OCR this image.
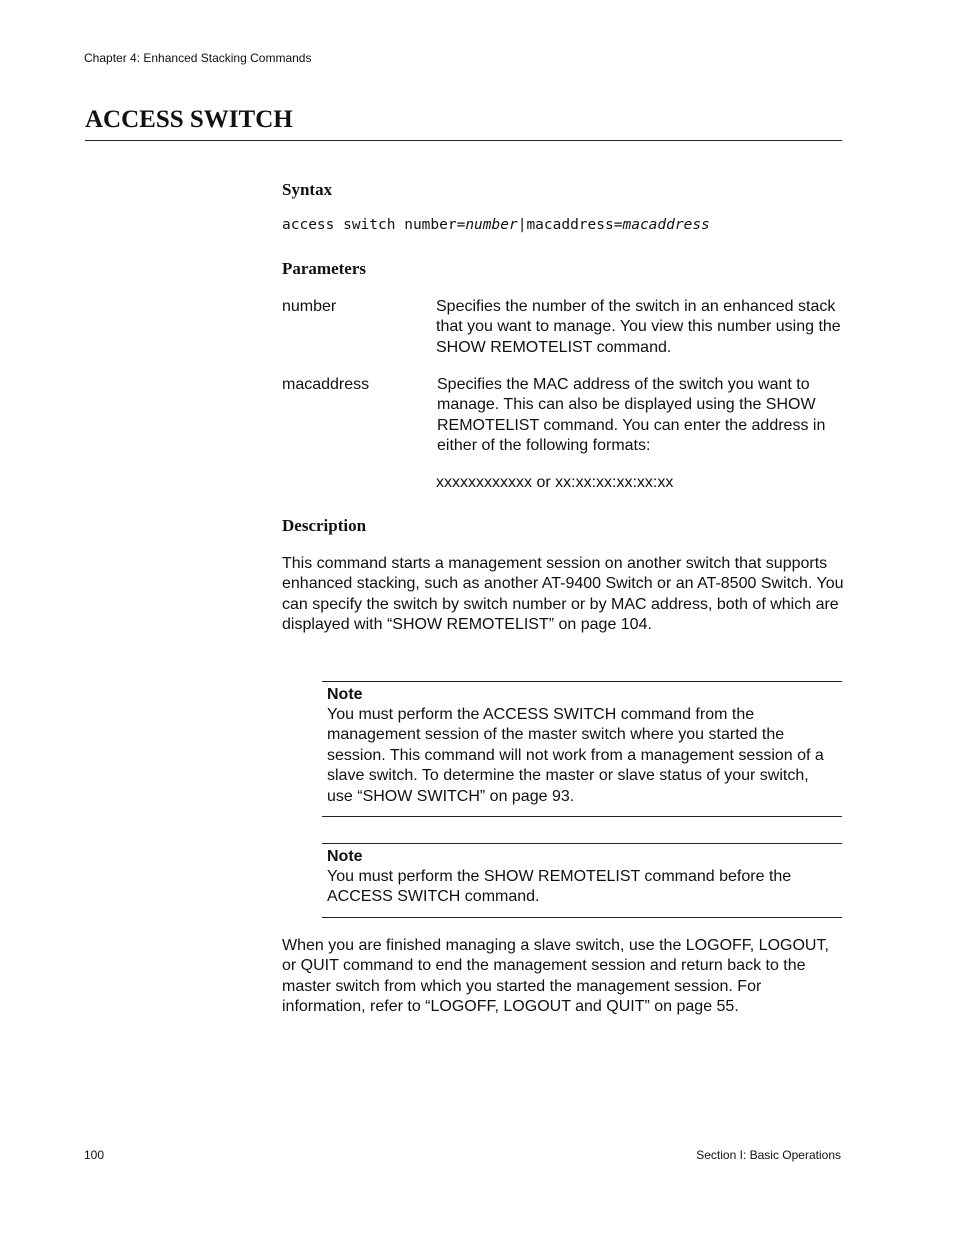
Chapter 4: Enhanced Stacking Commands
ACCESS SWITCH
Syntax
access switch number=number|macaddress=macaddress
Parameters
number	Specifies the number of the switch in an enhanced stack that you want to manage. You view this number using the SHOW REMOTELIST command.
macaddress	Specifies the MAC address of the switch you want to manage. This can also be displayed using the SHOW REMOTELIST command. You can enter the address in either of the following formats:
xxxxxxxxxxxx or xx:xx:xx:xx:xx:xx
Description
This command starts a management session on another switch that supports enhanced stacking, such as another AT-9400 Switch or an AT-8500 Switch. You can specify the switch by switch number or by MAC address, both of which are displayed with “SHOW REMOTELIST” on page 104.
Note
You must perform the ACCESS SWITCH command from the management session of the master switch where you started the session. This command will not work from a management session of a slave switch. To determine the master or slave status of your switch, use “SHOW SWITCH” on page 93.
Note
You must perform the SHOW REMOTELIST command before the ACCESS SWITCH command.
When you are finished managing a slave switch, use the LOGOFF, LOGOUT, or QUIT command to end the management session and return back to the master switch from which you started the management session. For information, refer to “LOGOFF, LOGOUT and QUIT” on page 55.
100	Section I: Basic Operations
